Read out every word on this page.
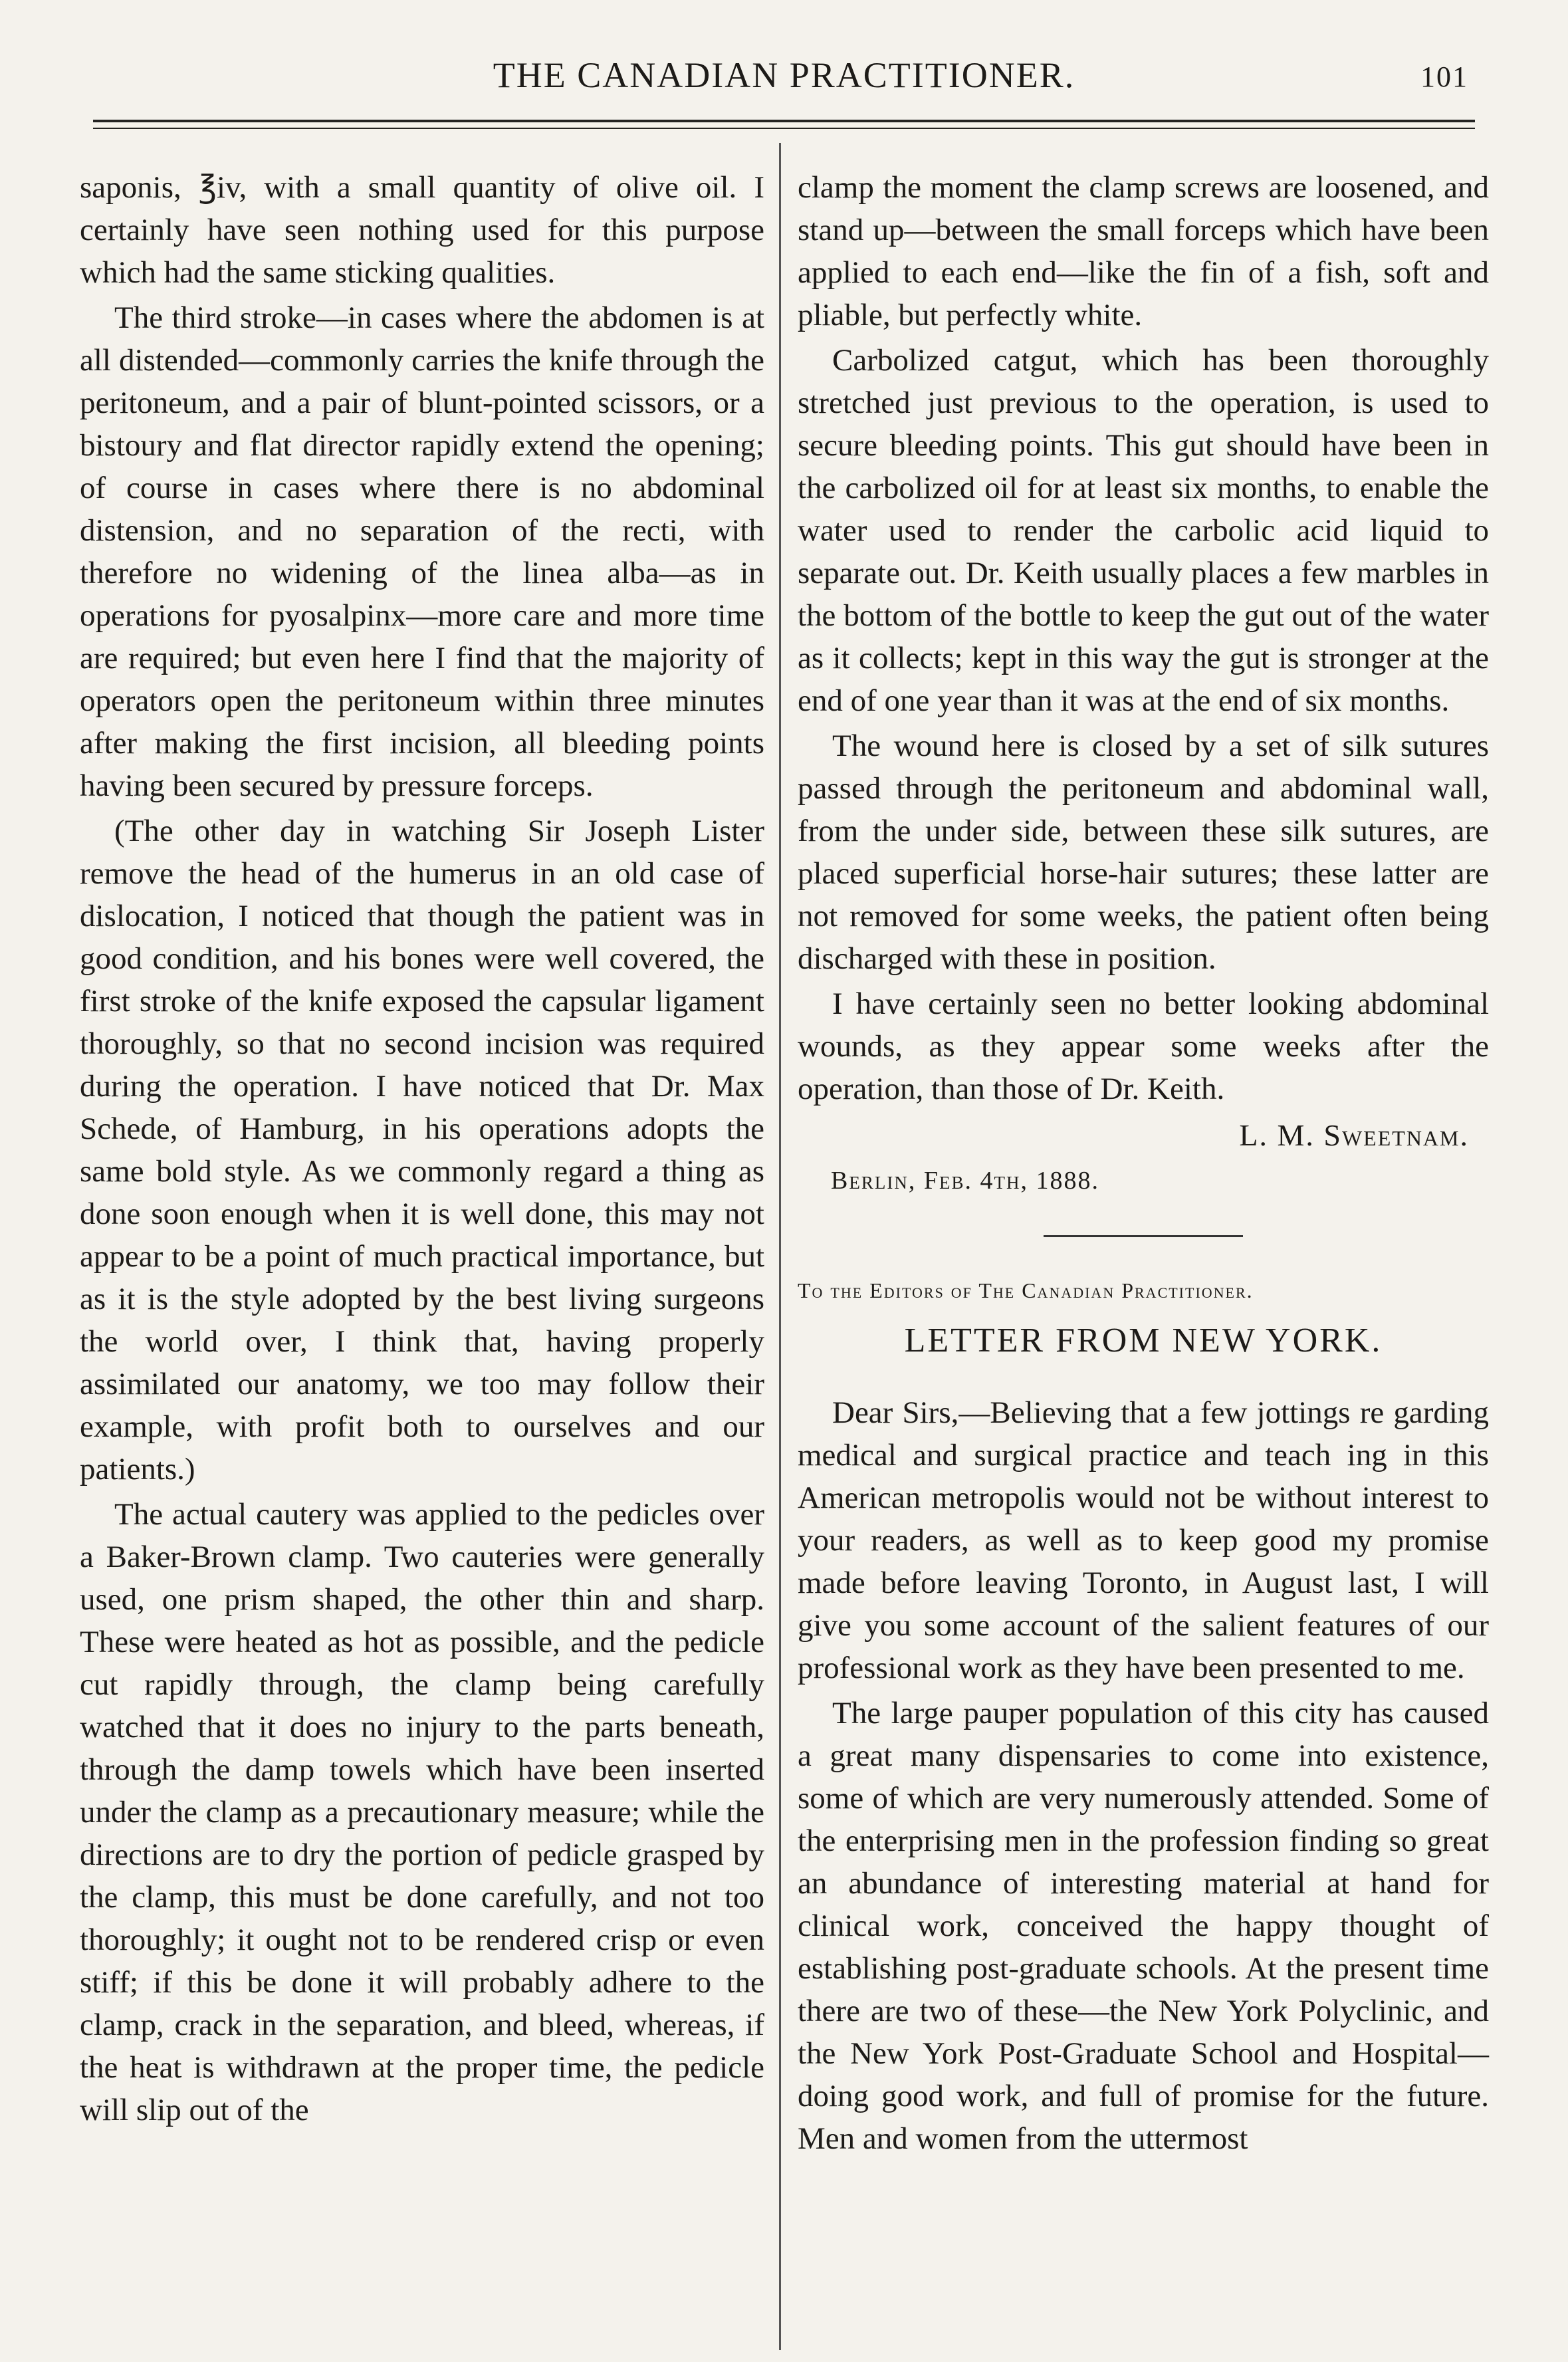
THE CANADIAN PRACTITIONER.	101

saponis, ℥iv, with a small quantity of olive oil. I certainly have seen nothing used for this purpose which had the same sticking qualities.

The third stroke—in cases where the abdomen is at all distended—commonly carries the knife through the peritoneum, and a pair of blunt-pointed scissors, or a bistoury and flat director rapidly extend the opening; of course in cases where there is no abdominal distension, and no separation of the recti, with therefore no widening of the linea alba—as in operations for pyosalpinx—more care and more time are required; but even here I find that the majority of operators open the peritoneum within three minutes after making the first incision, all bleeding points having been secured by pressure forceps.

(The other day in watching Sir Joseph Lister remove the head of the humerus in an old case of dislocation, I noticed that though the patient was in good condition, and his bones were well covered, the first stroke of the knife exposed the capsular ligament thoroughly, so that no second incision was required during the operation. I have noticed that Dr. Max Schede, of Hamburg, in his operations adopts the same bold style. As we commonly regard a thing as done soon enough when it is well done, this may not appear to be a point of much practical importance, but as it is the style adopted by the best living surgeons the world over, I think that, having properly assimilated our anatomy, we too may follow their example, with profit both to ourselves and our patients.)

The actual cautery was applied to the pedicles over a Baker-Brown clamp. Two cauteries were generally used, one prism shaped, the other thin and sharp. These were heated as hot as possible, and the pedicle cut rapidly through, the clamp being carefully watched that it does no injury to the parts beneath, through the damp towels which have been inserted under the clamp as a precautionary measure; while the directions are to dry the portion of pedicle grasped by the clamp, this must be done carefully, and not too thoroughly; it ought not to be rendered crisp or even stiff; if this be done it will probably adhere to the clamp, crack in the separation, and bleed, whereas, if the heat is withdrawn at the proper time, the pedicle will slip out of the

clamp the moment the clamp screws are loosened, and stand up—between the small forceps which have been applied to each end—like the fin of a fish, soft and pliable, but perfectly white.

Carbolized catgut, which has been thoroughly stretched just previous to the operation, is used to secure bleeding points. This gut should have been in the carbolized oil for at least six months, to enable the water used to render the carbolic acid liquid to separate out. Dr. Keith usually places a few marbles in the bottom of the bottle to keep the gut out of the water as it collects; kept in this way the gut is stronger at the end of one year than it was at the end of six months.

The wound here is closed by a set of silk sutures passed through the peritoneum and abdominal wall, from the under side, between these silk sutures, are placed superficial horse-hair sutures; these latter are not removed for some weeks, the patient often being discharged with these in position.

I have certainly seen no better looking abdominal wounds, as they appear some weeks after the operation, than those of Dr. Keith.

L. M. Sweetnam.
Berlin, Feb. 4th, 1888.
To the Editors of The Canadian Practitioner.
LETTER FROM NEW YORK.

Dear Sirs,—Believing that a few jottings re garding medical and surgical practice and teach ing in this American metropolis would not be without interest to your readers, as well as to keep good my promise made before leaving Toronto, in August last, I will give you some account of the salient features of our professional work as they have been presented to me.

The large pauper population of this city has caused a great many dispensaries to come into existence, some of which are very numerously attended. Some of the enterprising men in the profession finding so great an abundance of interesting material at hand for clinical work, conceived the happy thought of establishing post-graduate schools. At the present time there are two of these—the New York Polyclinic, and the New York Post-Graduate School and Hospital—doing good work, and full of promise for the future. Men and women from the uttermost
